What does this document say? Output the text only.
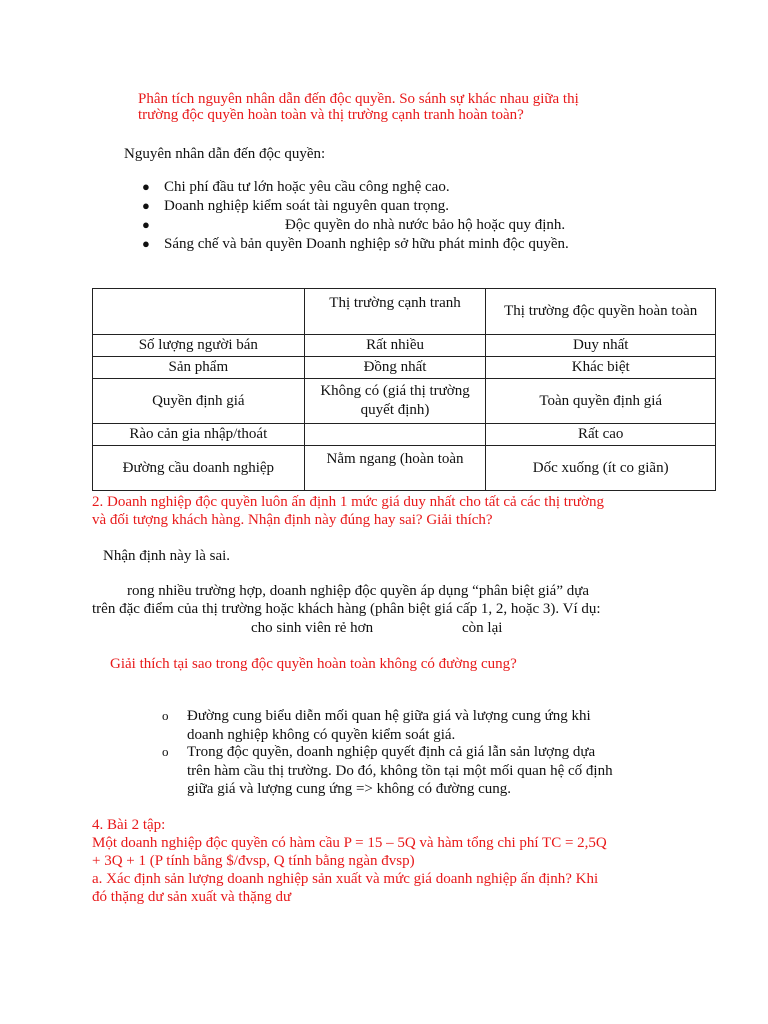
Phân tích nguyên nhân dẫn đến độc quyền. So sánh sự khác nhau giữa thị
trường độc quyền hoàn toàn và thị trường cạnh tranh hoàn toàn?
Nguyên nhân dẫn đến độc quyền:
● Chi phí đầu tư lớn hoặc yêu cầu công nghệ cao.
● Doanh nghiệp kiểm soát tài nguyên quan trọng.
●	Độc quyền do nhà nước bảo hộ hoặc quy định.
● Sáng chế và bản quyền Doanh nghiệp sở hữu phát minh độc quyền.
	Thị trường cạnh tranh	Thị trường độc quyền hoàn toàn
Số lượng người bán	Rất nhiều	Duy nhất
Sản phẩm	Đồng nhất	Khác biệt
Quyền định giá	Không có (giá thị trường quyết định)	Toàn quyền định giá
Rào cản gia nhập/thoát		Rất cao
Đường cầu doanh nghiệp	Nằm ngang (hoàn toàn	Dốc xuống (ít co giãn)
2. Doanh nghiệp độc quyền luôn ấn định 1 mức giá duy nhất cho tất cả các thị trường
và đối tượng khách hàng. Nhận định này đúng hay sai? Giải thích?
Nhận định này là sai.
rong nhiều trường hợp, doanh nghiệp độc quyền áp dụng “phân biệt giá” dựa
trên đặc điểm của thị trường hoặc khách hàng (phân biệt giá cấp 1, 2, hoặc 3). Ví dụ:
cho sinh viên rẻ hơn	còn lại
Giải thích tại sao trong độc quyền hoàn toàn không có đường cung?
o Đường cung biểu diễn mối quan hệ giữa giá và lượng cung ứng khi
doanh nghiệp không có quyền kiểm soát giá.
o Trong độc quyền, doanh nghiệp quyết định cả giá lẫn sản lượng dựa
trên hàm cầu thị trường. Do đó, không tồn tại một mối quan hệ cố định
giữa giá và lượng cung ứng => không có đường cung.
4. Bài 2 tập:
Một doanh nghiệp độc quyền có hàm cầu P = 15 – 5Q và hàm tổng chi phí TC = 2,5Q
+ 3Q + 1 (P tính bằng $/đvsp, Q tính bằng ngàn đvsp)
a. Xác định sản lượng doanh nghiệp sản xuất và mức giá doanh nghiệp ấn định? Khi
đó thặng dư sản xuất và thặng dư
